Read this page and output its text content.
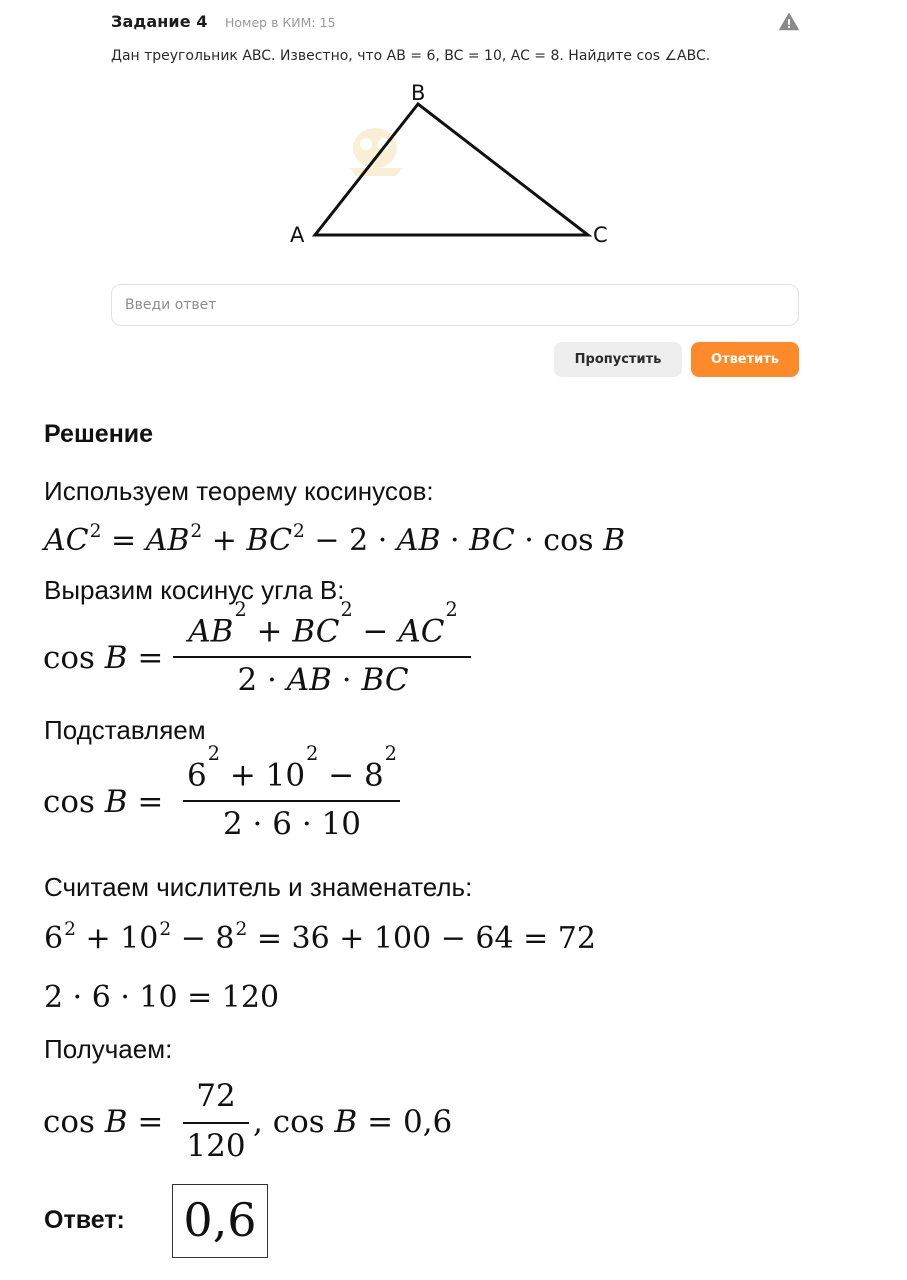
Задание 4 Номер в КИМ: 15
Дан треугольник ABC. Известно, что AB = 6, BC = 10, AC = 8. Найдите cos ∠ABC.
B
A	C
Введи ответ
Пропустить	Ответить
Решение
Используем теорему косинусов:
$AC^2 = AB^2 + BC^2 - 2$ · AB · BC · cos B
Выразим косинус угла B:
cos B =
$AB^2 + BC^2 - AC^2$
2 · AB · BC
Подставляем
cos B =
$6^2 + 10^2 - 8^2$
2 · 6 · 10
Считаем числитель и знаменатель:
$6^2 + 10^2 - 8^2 = 36 + 100 - 64 = 72$
2 · 6 · 10 = 120
Получаем:
cos B =
72
120
, cos B = 0,6
Ответ: 0,6
